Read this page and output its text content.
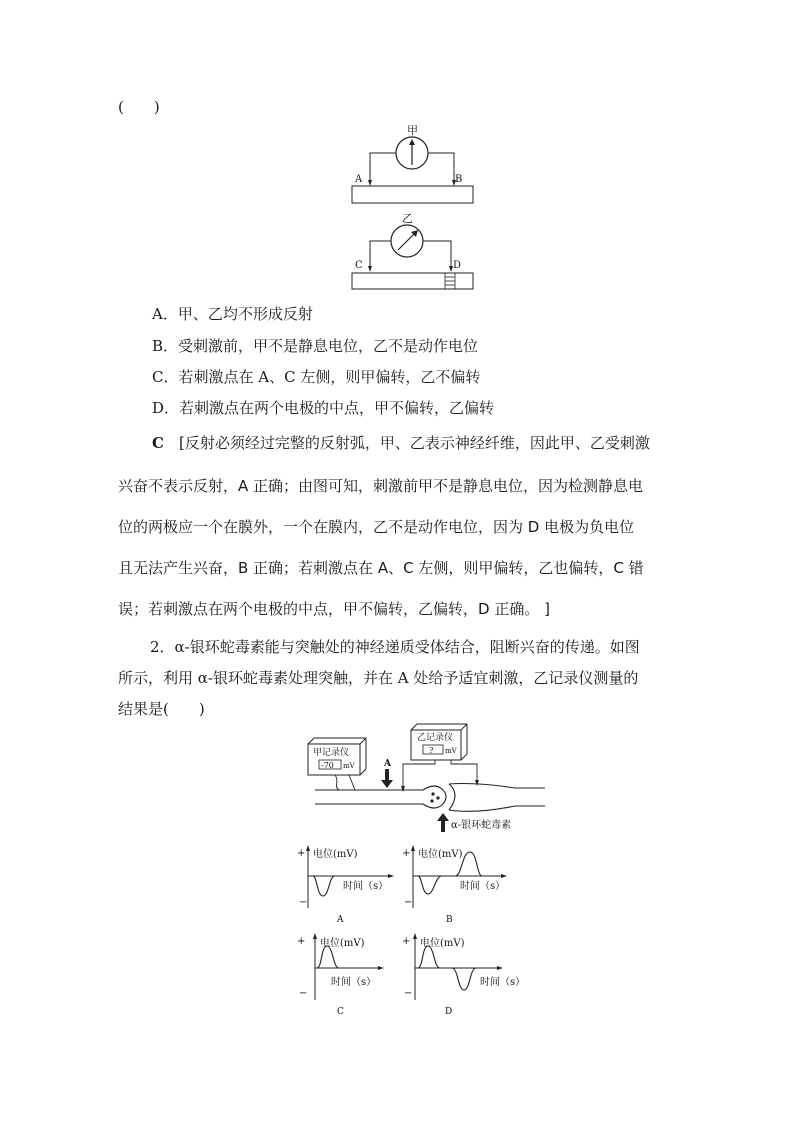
(　　)
甲
A	B
乙
C	D
A．甲、乙均不形成反射
B．受刺激前，甲不是静息电位，乙不是动作电位
C．若刺激点在 A、C 左侧，则甲偏转，乙不偏转
D．若刺激点在两个电极的中点，甲不偏转，乙偏转
C　 [反射必须经过完整的反射弧，甲、乙表示神经纤维，因此甲、乙受刺激
兴奋不表示反射，A 正确；由图可知，刺激前甲不是静息电位，因为检测静息电
位的两极应一个在膜外，一个在膜内，乙不是动作电位，因为 D 电极为负电位
且无法产生兴奋，B 正确；若刺激点在 A、C 左侧，则甲偏转，乙也偏转，C 错
误；若刺激点在两个电极的中点，甲不偏转，乙偏转，D 正确。 ]
2．α-银环蛇毒素能与突触处的神经递质受体结合，阻断兴奋的传递。如图
所示，利用 α-银环蛇毒素处理突触，并在 A 处给予适宜刺激，乙记录仪测量的
结果是(　　)
甲记录仪
-70 mV
乙记录仪
? mV
A
α-银环蛇毒素
+
−
电位(mV)
时间（s）
A
+
−
电位(mV)
时间（s）
B
+
−
电位(mV)
时间（s）
C
+
−
电位(mV)
时间（s）
D
